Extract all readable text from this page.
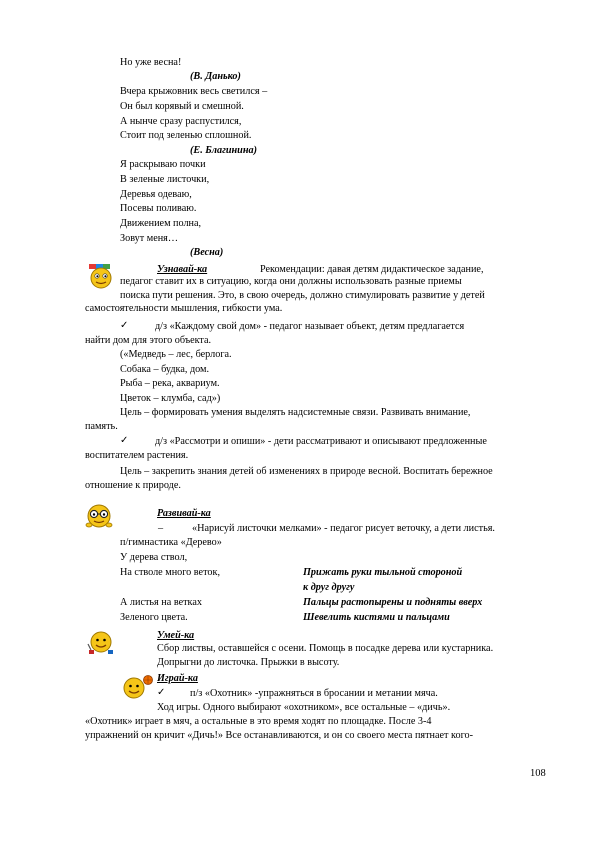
Но уже весна!
(В. Данько)
Вчера крыжовник весь светился –
Он был корявый и смешной.
А нынче сразу распустился,
Стоит под зеленью сплошной.
(Е. Благинина)
Я раскрываю почки
В зеленые листочки,
Деревья одеваю,
Посевы поливаю.
Движением полна,
Зовут меня…
(Весна)
Узнавай-ка	Рекомендации: давая детям дидактическое задание,
педагог ставит их в ситуацию, когда они должны использовать разные приемы
поиска пути решения. Это, в свою очередь, должно стимулировать развитие у детей
самостоятельности мышления, гибкости ума.
✓	д/з «Каждому свой дом» - педагог называет объект, детям предлагается
найти дом для этого объекта.
(«Медведь – лес, берлога.
Собака – будка, дом.
Рыба – река, аквариум.
Цветок – клумба, сад»)
Цель – формировать умения выделять надсистемные связи. Развивать внимание,
память.
✓	д/з «Рассмотри и опиши» - дети рассматривают и описывают предложенные
воспитателем растения.
Цель – закрепить знания детей об изменениях в природе весной. Воспитать бережное
отношение к природе.
Развивай-ка
–	«Нарисуй листочки мелками» - педагог рисует веточку, а дети листья.
п/гимнастика «Дерево»
У дерева ствол,
На стволе много веток,	Прижать руки тыльной стороной
к друг другу
А листья на ветках	Пальцы растопырены и подняты вверх
Зеленого цвета.	Шевелить кистями и пальцами
Умей-ка
Сбор листвы, оставшейся с осени. Помощь в посадке дерева или кустарника.
Допрыгни до листочка. Прыжки в высоту.
Играй-ка
✓ п/з «Охотник» -упражняться в бросании и метании мяча.
Ход игры. Одного выбирают «охотником», все остальные – «дичь».
«Охотник» играет в мяч, а остальные в это время ходят по площадке. После 3-4
упражнений он кричит «Дичь!» Все останавливаются, и он со своего места пятнает кого-
108
